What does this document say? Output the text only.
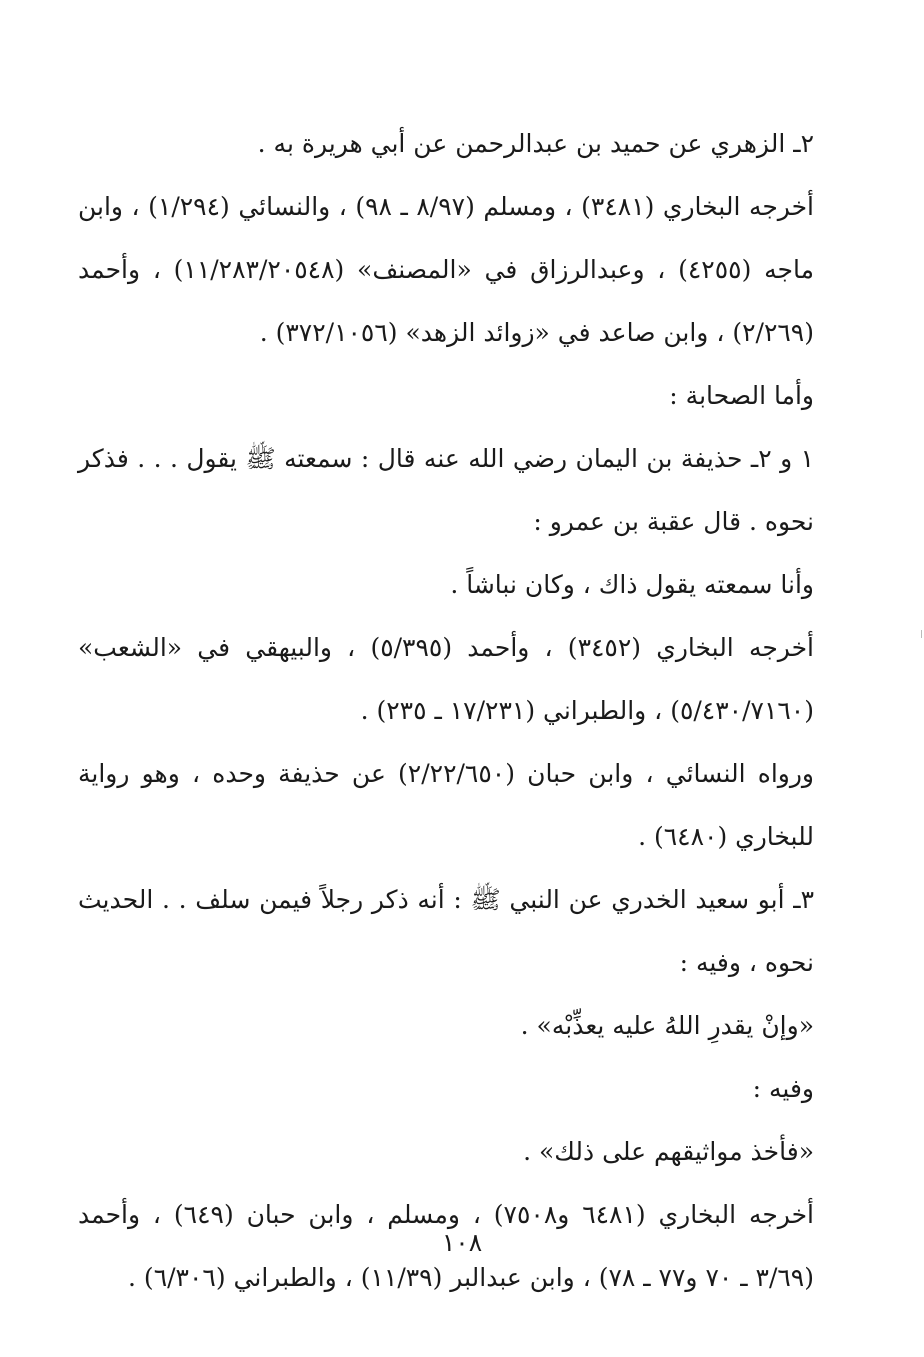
٢ـ الزهري عن حميد بن عبدالرحمن عن أبي هريرة به .

أخرجه البخاري (٣٤٨١) ، ومسلم (٨/٩٧ ـ ٩٨) ، والنسائي (١/٢٩٤) ، وابن ماجه (٤٢٥٥) ، وعبدالرزاق في «المصنف» (١١/٢٨٣/٢٠٥٤٨) ، وأحمد (٢/٢٦٩) ، وابن صاعد في «زوائد الزهد» (٣٧٢/١٠٥٦) .

وأما الصحابة :

١ و ٢ـ حذيفة بن اليمان رضي الله عنه قال : سمعته ﷺ يقول . . . فذكر نحوه . قال عقبة بن عمرو :

وأنا سمعته يقول ذاك ، وكان نباشاً .

أخرجه البخاري (٣٤٥٢) ، وأحمد (٥/٣٩٥) ، والبيهقي في «الشعب» (٥/٤٣٠/٧١٦٠) ، والطبراني (١٧/٢٣١ ـ ٢٣٥) .

ورواه النسائي ، وابن حبان (٢/٢٢/٦٥٠) عن حذيفة وحده ، وهو رواية للبخاري (٦٤٨٠) .

٣ـ أبو سعيد الخدري عن النبي ﷺ : أنه ذكر رجلاً فيمن سلف . . الحديث نحوه ، وفيه :

«وإنْ يقدرِ اللهُ عليه يعذِّبْه» .

وفيه :

«فأخذ مواثيقهم على ذلك» .

أخرجه البخاري (٦٤٨١ و٧٥٠٨) ، ومسلم ، وابن حبان (٦٤٩) ، وأحمد (٣/٦٩ ـ ٧٠ و٧٧ ـ ٧٨) ، وابن عبدالبر (١١/٣٩) ، والطبراني (٦/٣٠٦) .

١٠٨
